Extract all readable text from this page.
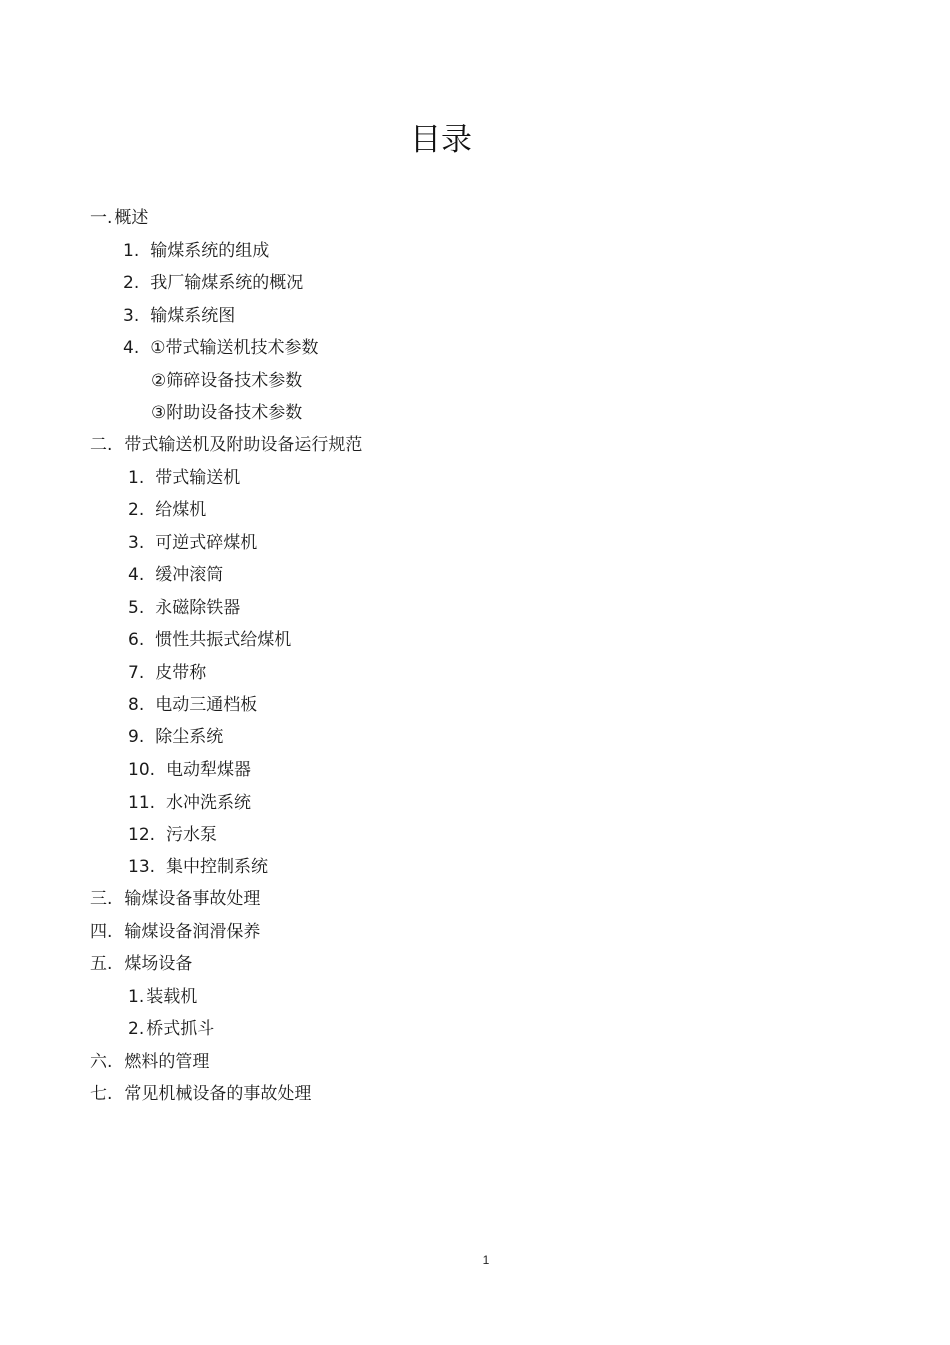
目录
一. 概述
1. 输煤系统的组成
2. 我厂输煤系统的概况
3. 输煤系统图
4. ①带式输送机技术参数
②筛碎设备技术参数
③附助设备技术参数
二. 带式输送机及附助设备运行规范
1. 带式输送机
2. 给煤机
3. 可逆式碎煤机
4. 缓冲滚筒
5. 永磁除铁器
6. 惯性共振式给煤机
7. 皮带称
8. 电动三通档板
9. 除尘系统
10. 电动犁煤器
11. 水冲洗系统
12. 污水泵
13. 集中控制系统
三. 输煤设备事故处理
四. 输煤设备润滑保养
五. 煤场设备
1. 装载机
2. 桥式抓斗
六. 燃料的管理
七. 常见机械设备的事故处理
1
